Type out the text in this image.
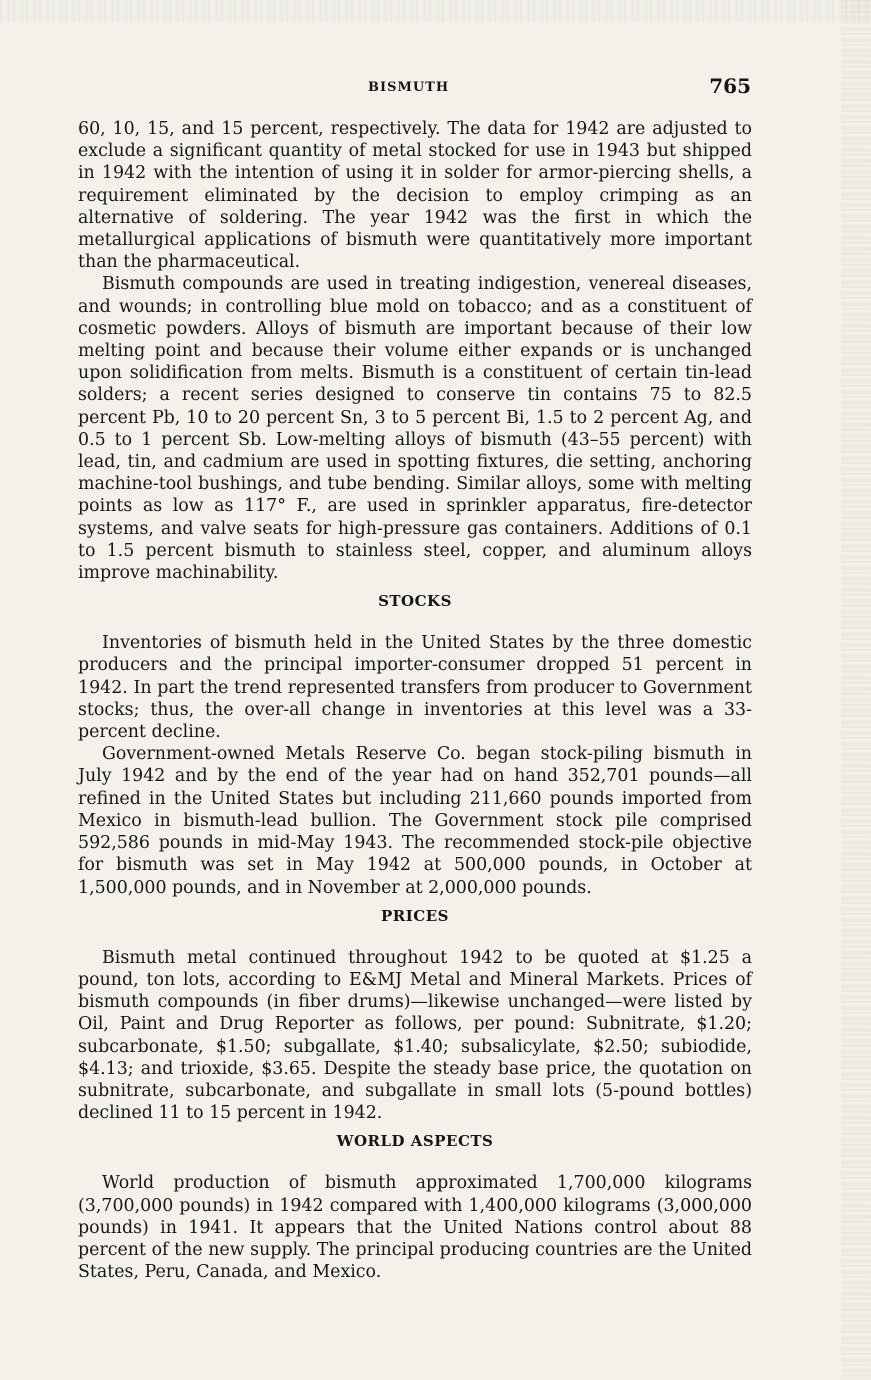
BISMUTH	765

60, 10, 15, and 15 percent, respectively. The data for 1942 are adjusted to exclude a significant quantity of metal stocked for use in 1943 but shipped in 1942 with the intention of using it in solder for armor-piercing shells, a requirement eliminated by the decision to employ crimping as an alternative of soldering. The year 1942 was the first in which the metallurgical applications of bismuth were quantitatively more important than the pharmaceutical.

Bismuth compounds are used in treating indigestion, venereal diseases, and wounds; in controlling blue mold on tobacco; and as a constituent of cosmetic powders. Alloys of bismuth are important because of their low melting point and because their volume either expands or is unchanged upon solidification from melts. Bismuth is a constituent of certain tin-lead solders; a recent series designed to conserve tin contains 75 to 82.5 percent Pb, 10 to 20 percent Sn, 3 to 5 percent Bi, 1.5 to 2 percent Ag, and 0.5 to 1 percent Sb. Low-melting alloys of bismuth (43–55 percent) with lead, tin, and cadmium are used in spotting fixtures, die setting, anchoring machine-tool bushings, and tube bending. Similar alloys, some with melting points as low as 117° F., are used in sprinkler apparatus, fire-detector systems, and valve seats for high-pressure gas containers. Additions of 0.1 to 1.5 percent bismuth to stainless steel, copper, and aluminum alloys improve machinability.

STOCKS

Inventories of bismuth held in the United States by the three domestic producers and the principal importer-consumer dropped 51 percent in 1942. In part the trend represented transfers from producer to Government stocks; thus, the over-all change in inventories at this level was a 33-percent decline.

Government-owned Metals Reserve Co. began stock-piling bismuth in July 1942 and by the end of the year had on hand 352,701 pounds—all refined in the United States but including 211,660 pounds imported from Mexico in bismuth-lead bullion. The Government stock pile comprised 592,586 pounds in mid-May 1943. The recommended stock-pile objective for bismuth was set in May 1942 at 500,000 pounds, in October at 1,500,000 pounds, and in November at 2,000,000 pounds.

PRICES

Bismuth metal continued throughout 1942 to be quoted at $1.25 a pound, ton lots, according to E&MJ Metal and Mineral Markets. Prices of bismuth compounds (in fiber drums)—likewise unchanged—were listed by Oil, Paint and Drug Reporter as follows, per pound: Subnitrate, $1.20; subcarbonate, $1.50; subgallate, $1.40; subsalicylate, $2.50; subiodide, $4.13; and trioxide, $3.65. Despite the steady base price, the quotation on subnitrate, subcarbonate, and subgallate in small lots (5-pound bottles) declined 11 to 15 percent in 1942.

WORLD ASPECTS

World production of bismuth approximated 1,700,000 kilograms (3,700,000 pounds) in 1942 compared with 1,400,000 kilograms (3,000,000 pounds) in 1941. It appears that the United Nations control about 88 percent of the new supply. The principal producing countries are the United States, Peru, Canada, and Mexico.
